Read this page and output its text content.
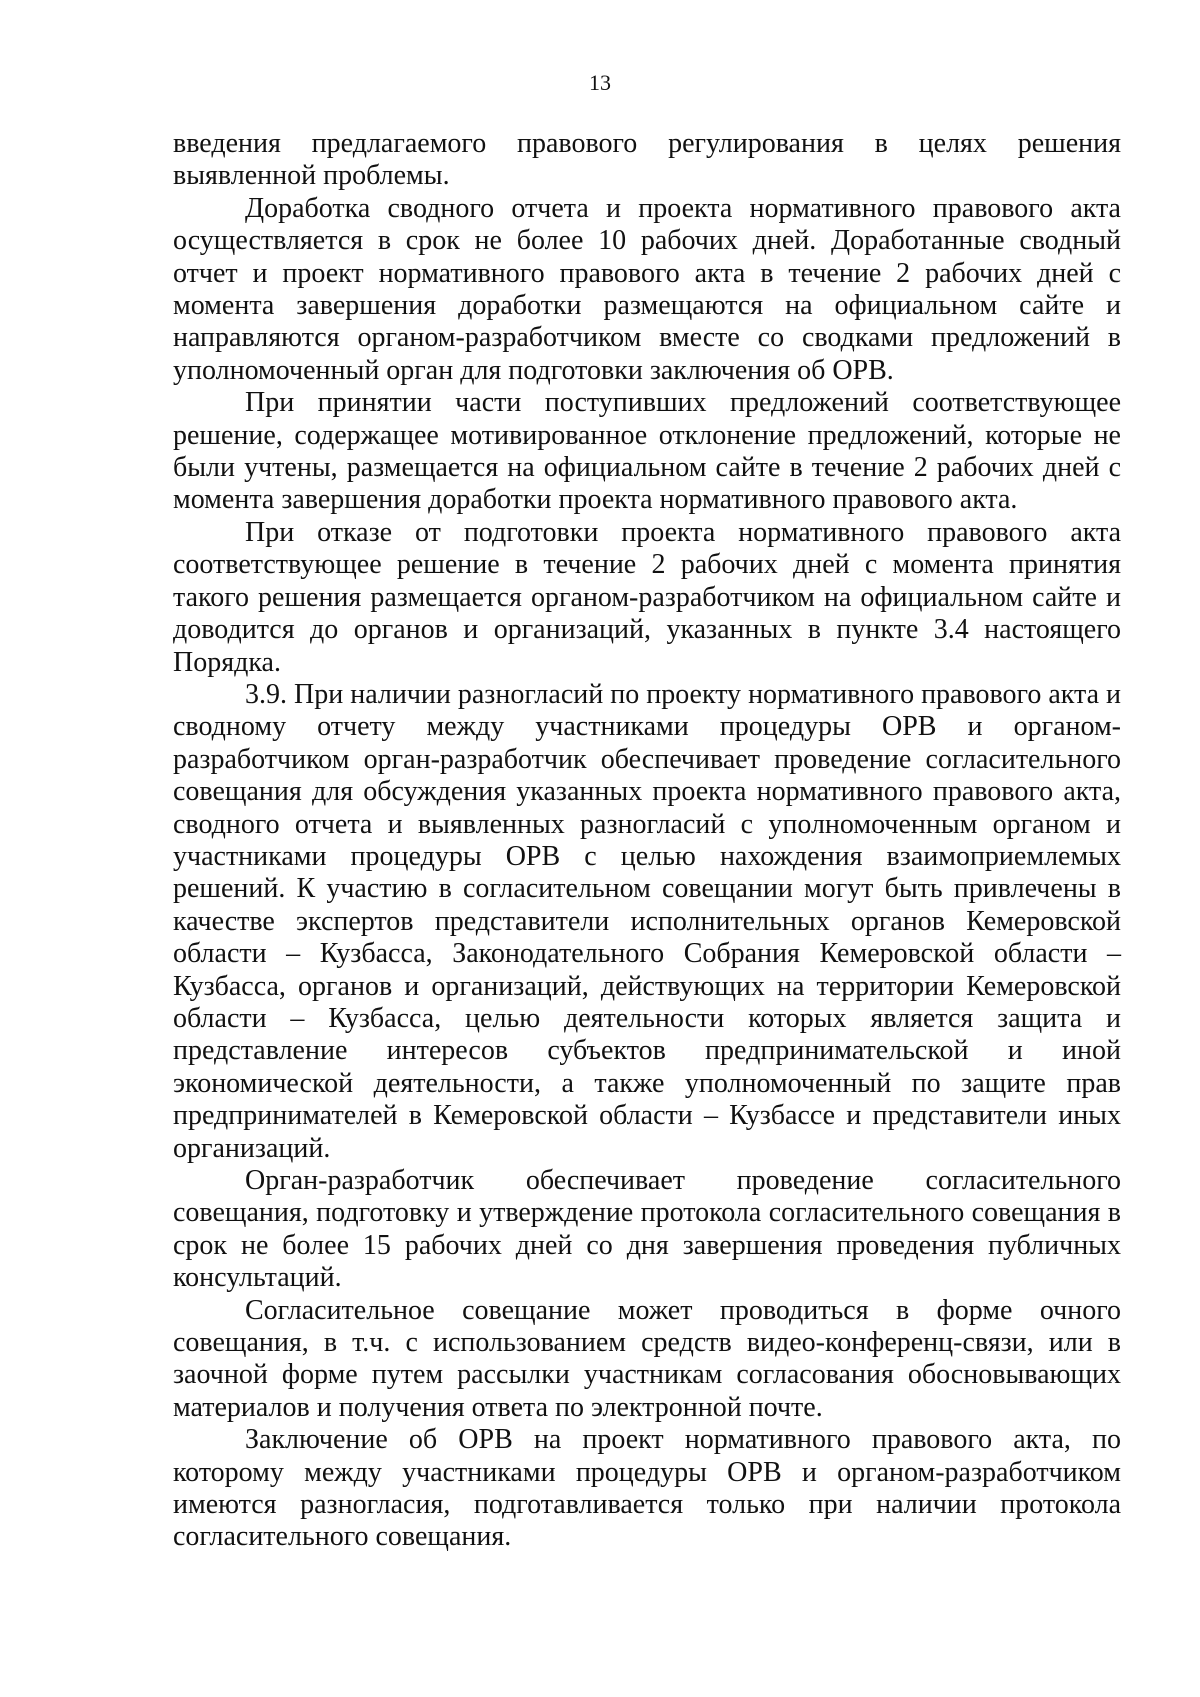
13

введения предлагаемого правового регулирования в целях решения выявленной проблемы.

Доработка сводного отчета и проекта нормативного правового акта осуществляется в срок не более 10 рабочих дней. Доработанные сводный отчет и проект нормативного правового акта в течение 2 рабочих дней с момента завершения доработки размещаются на официальном сайте и направляются органом-разработчиком вместе со сводками предложений в уполномоченный орган для подготовки заключения об ОРВ.

При принятии части поступивших предложений соответствующее решение, содержащее мотивированное отклонение предложений, которые не были учтены, размещается на официальном сайте в течение 2 рабочих дней с момента завершения доработки проекта нормативного правового акта.

При отказе от подготовки проекта нормативного правового акта соответствующее решение в течение 2 рабочих дней с момента принятия такого решения размещается органом-разработчиком на официальном сайте и доводится до органов и организаций, указанных в пункте 3.4 настоящего Порядка.

3.9. При наличии разногласий по проекту нормативного правового акта и сводному отчету между участниками процедуры ОРВ и органом-разработчиком орган-разработчик обеспечивает проведение согласительного совещания для обсуждения указанных проекта нормативного правового акта, сводного отчета и выявленных разногласий с уполномоченным органом и участниками процедуры ОРВ с целью нахождения взаимоприемлемых решений. К участию в согласительном совещании могут быть привлечены в качестве экспертов представители исполнительных органов Кемеровской области – Кузбасса, Законодательного Собрания Кемеровской области – Кузбасса, органов и организаций, действующих на территории Кемеровской области – Кузбасса, целью деятельности которых является защита и представление интересов субъектов предпринимательской и иной экономической деятельности, а также уполномоченный по защите прав предпринимателей в Кемеровской области – Кузбассе и представители иных организаций.

Орган-разработчик обеспечивает проведение согласительного совещания, подготовку и утверждение протокола согласительного совещания в срок не более 15 рабочих дней со дня завершения проведения публичных консультаций.

Согласительное совещание может проводиться в форме очного совещания, в т.ч. с использованием средств видео-конференц-связи, или в заочной форме путем рассылки участникам согласования обосновывающих материалов и получения ответа по электронной почте.

Заключение об ОРВ на проект нормативного правового акта, по которому между участниками процедуры ОРВ и органом-разработчиком имеются разногласия, подготавливается только при наличии протокола согласительного совещания.
